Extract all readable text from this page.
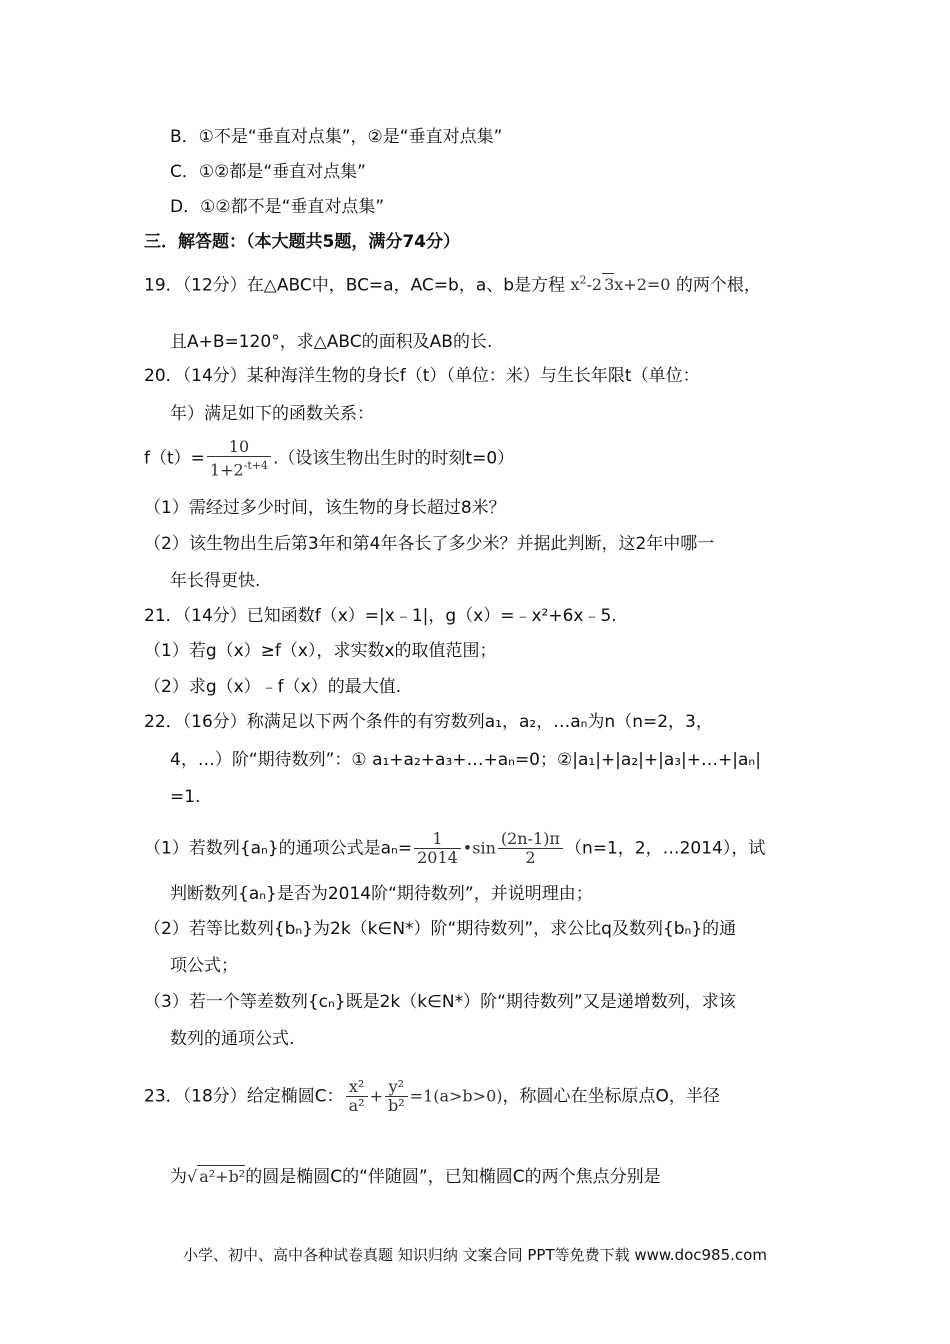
B．①不是“垂直对点集”，②是“垂直对点集”
C．①②都是“垂直对点集”
D．①②都不是“垂直对点集”
三．解答题：（本大题共5题，满分74分）
19．（12分）在△ABC中，BC=a，AC=b，a、b是方程 $x^2-2$ 3x+2=0 的两个根，
且A+B=120°，求△ABC的面积及AB的长.
20．（14分）某种海洋生物的身长f（t）（单位：米）与生长年限t（单位：
年）满足如下的函数关系：
$f(t)= \frac{10}{1+2^{-t+4}}$ .（设该生物出生时的时刻t=0）
（1）需经过多少时间，该生物的身长超过8米？
（2）该生物出生后第3年和第4年各长了多少米？并据此判断，这2年中哪一
年长得更快.
21．（14分）已知函数f（x）=|x﹣1|，g（x）=﹣x²+6x﹣5.
（1）若g（x）≥f（x），求实数x的取值范围；
（2）求g（x）﹣f（x）的最大值.
22．（16分）称满足以下两个条件的有穷数列a₁，a₂，…aₙ为n（n=2，3，
4，…）阶“期待数列”：① a₁+a₂+a₃+…+aₙ=0；②|a₁|+|a₂|+|a₃|+…+|aₙ|
=1.
（1）若数列{aₙ}的通项公式是$a_n= \frac{1}{2014}$ •sin $\frac{(2n-1)\pi}{2} (n=1$，2，…2014），试
判断数列{aₙ}是否为2014阶“期待数列”，并说明理由；
（2）若等比数列{bₙ}为2k（k∈N*）阶“期待数列”，求公比q及数列{bₙ}的通
项公式；
（3）若一个等差数列{cₙ}既是2k（k∈N*）阶“期待数列”又是递增数列，求该
数列的通项公式.
23．（18分）给定椭圆C： $\frac{\text{x²}}{\text{a²}} + \frac{\text{y²}}{\text{b²}} =1(a>b>0)$，称圆心在坐标原点O，半径
为√ a²+b²的圆是椭圆C的“伴随圆”，已知椭圆C的两个焦点分别是
小学、初中、高中各种试卷真题 知识归纳 文案合同 PPT等免费下载 www.doc985.com
